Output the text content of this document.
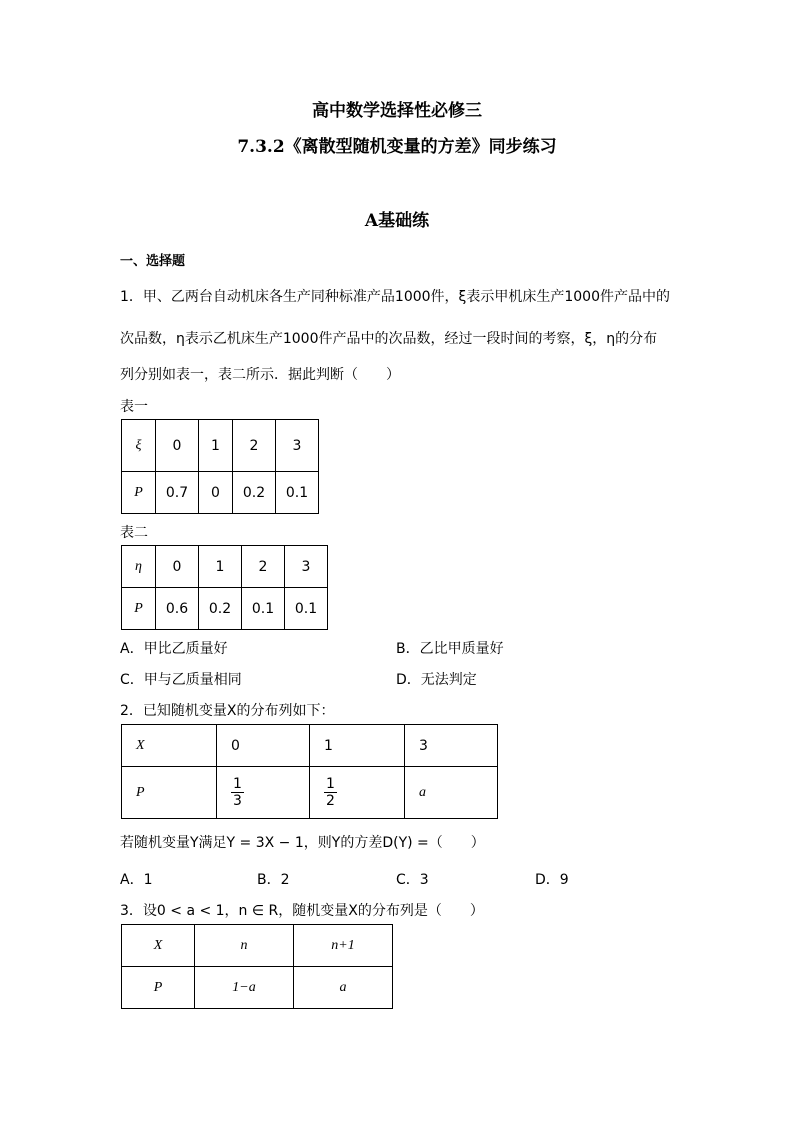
高中数学选择性必修三
7.3.2《离散型随机变量的方差》同步练习
A基础练
一、选择题
1．甲、乙两台自动机床各生产同种标准产品1000件，ξ表示甲机床生产1000件产品中的
次品数，η表示乙机床生产1000件产品中的次品数，经过一段时间的考察，ξ，η的分布
列分别如表一，表二所示．据此判断（　　）
表一
ξ	0	1	2	3
P	0.7	0	0.2	0.1
表二
η	0	1	2	3
P	0.6	0.2	0.1	0.1
A．甲比乙质量好	B．乙比甲质量好
C．甲与乙质量相同	D．无法判定
2．已知随机变量X的分布列如下：
X	0	1	3
P	$\frac{1}{3}$	$\frac{1}{2}$	a
若随机变量Y满足Y = 3X − 1，则Y的方差D(Y) =（　　）
A．1	B．2	C．3	D．9
3．设0 < a < 1，n ∈ R，随机变量X的分布列是（　　）
X	n	n+1
P	1−a	a
